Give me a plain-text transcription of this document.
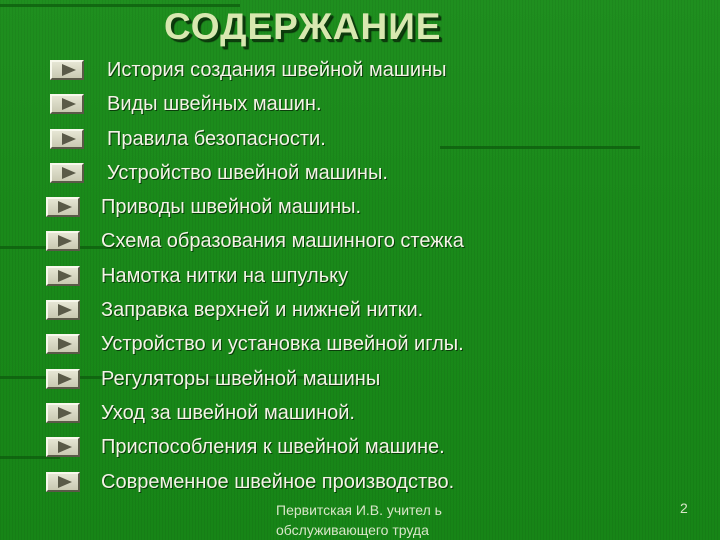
СОДЕРЖАНИЕ
История создания швейной машины
Виды швейных машин.
Правила безопасности.
Устройство швейной машины.
Приводы швейной машины.
Схема образования машинного стежка
Намотка нитки на шпульку
Заправка верхней и нижней нитки.
Устройство и установка швейной иглы.
Регуляторы швейной машины
Уход за швейной машиной.
Приспособления к швейной машине.
Современное швейное производство.
Первитская И.В. учител ь обслуживающего труда
2
